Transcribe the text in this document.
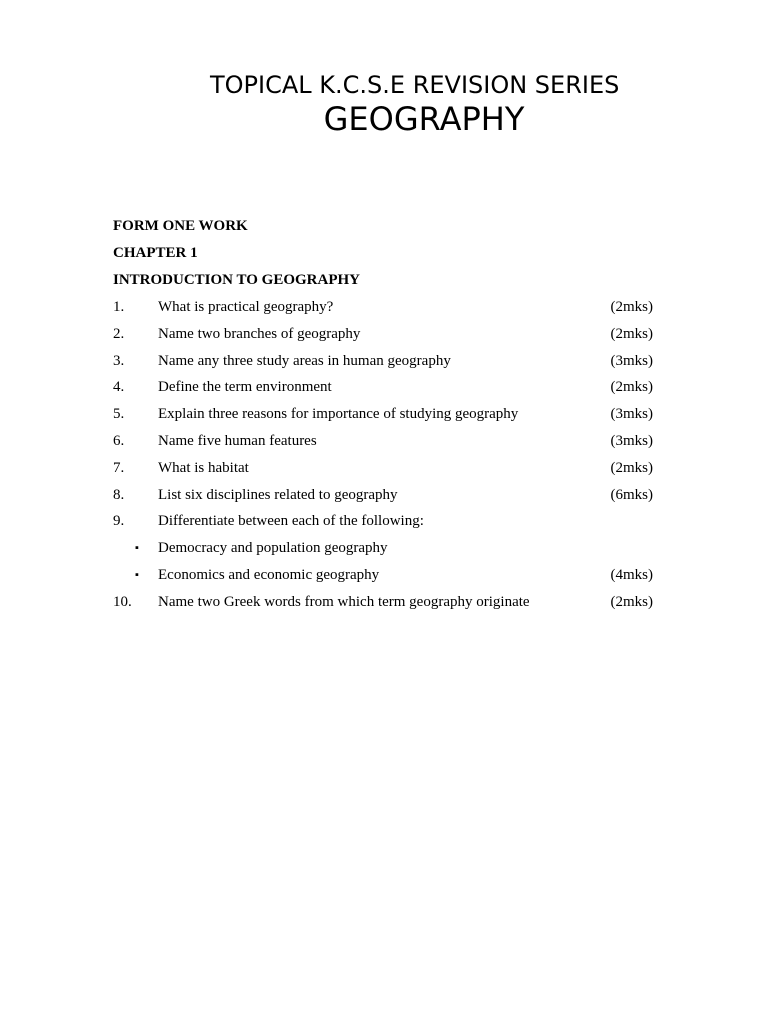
TOPICAL K.C.S.E REVISION SERIES
GEOGRAPHY
FORM ONE WORK
CHAPTER 1
INTRODUCTION TO GEOGRAPHY
1. What is practical geography?	(2mks)
2. Name two branches of geography	(2mks)
3. Name any three study areas in human geography	(3mks)
4. Define the term environment	(2mks)
5. Explain three reasons for importance of studying geography	(3mks)
6. Name five human features	(3mks)
7. What is habitat	(2mks)
8. List six disciplines related to geography	(6mks)
9. Differentiate between each of the following:
▪ Democracy and population geography
▪ Economics and economic geography	(4mks)
10. Name two Greek words from which term geography originate	(2mks)
